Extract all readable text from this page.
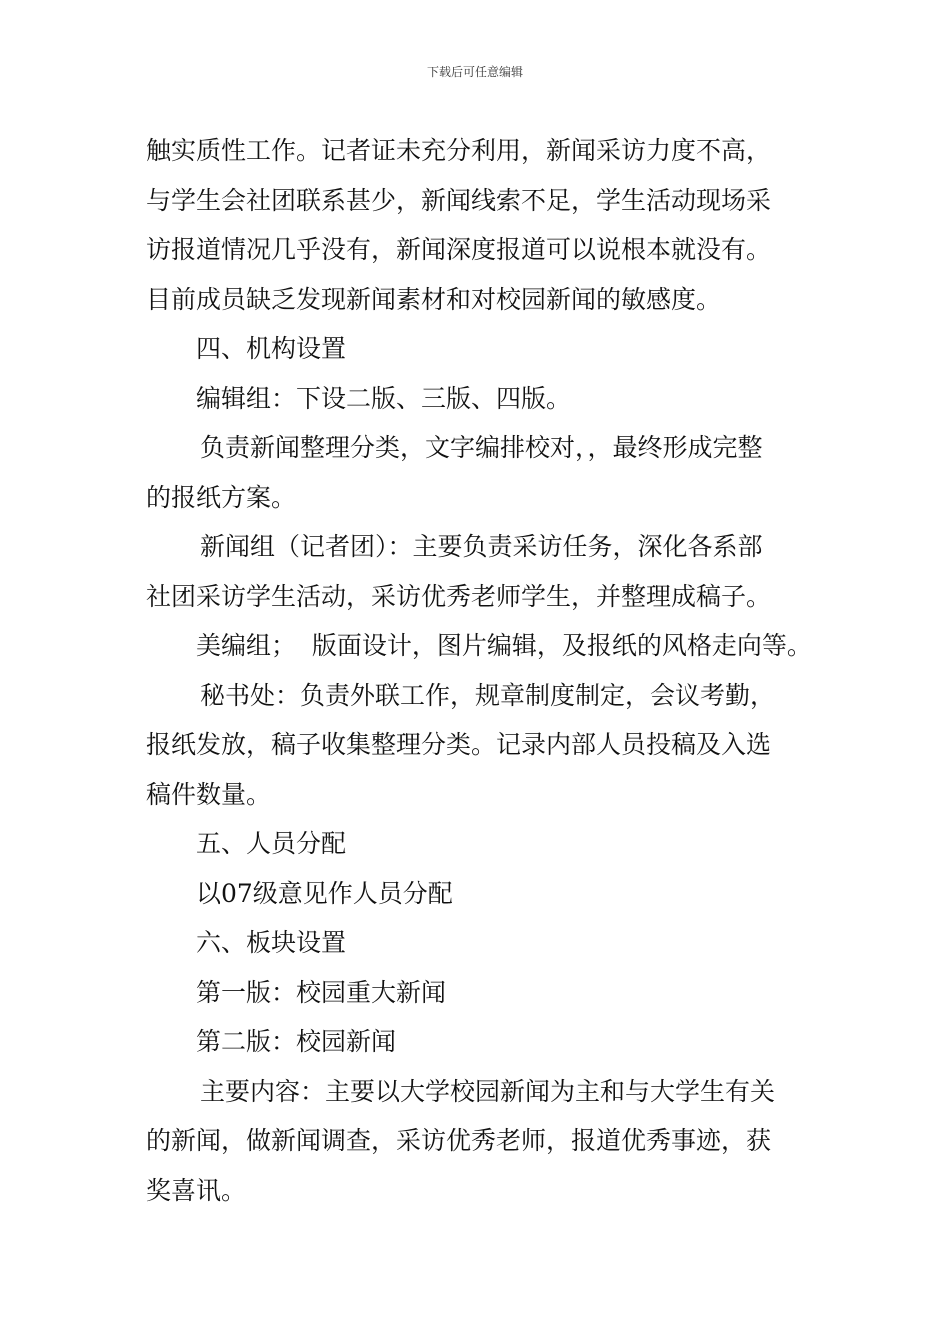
下载后可任意编辑
触实质性工作。记者证未充分利用，新闻采访力度不高，
与学生会社团联系甚少，新闻线索不足，学生活动现场采
访报道情况几乎没有，新闻深度报道可以说根本就没有。
目前成员缺乏发现新闻素材和对校园新闻的敏感度。
四、机构设置
编辑组：下设二版、三版、四版。
负责新闻整理分类，文字编排校对，，最终形成完整
的报纸方案。
新闻组（记者团）：主要负责采访任务，深化各系部
社团采访学生活动，采访优秀老师学生，并整理成稿子。
美编组；  版面设计，图片编辑，及报纸的风格走向等。
秘书处：负责外联工作，规章制度制定，会议考勤，
报纸发放，稿子收集整理分类。记录内部人员投稿及入选
稿件数量。
五、人员分配
以07级意见作人员分配
六、板块设置
第一版：校园重大新闻
第二版：校园新闻
主要内容：主要以大学校园新闻为主和与大学生有关
的新闻，做新闻调查，采访优秀老师，报道优秀事迹，获
奖喜讯。
